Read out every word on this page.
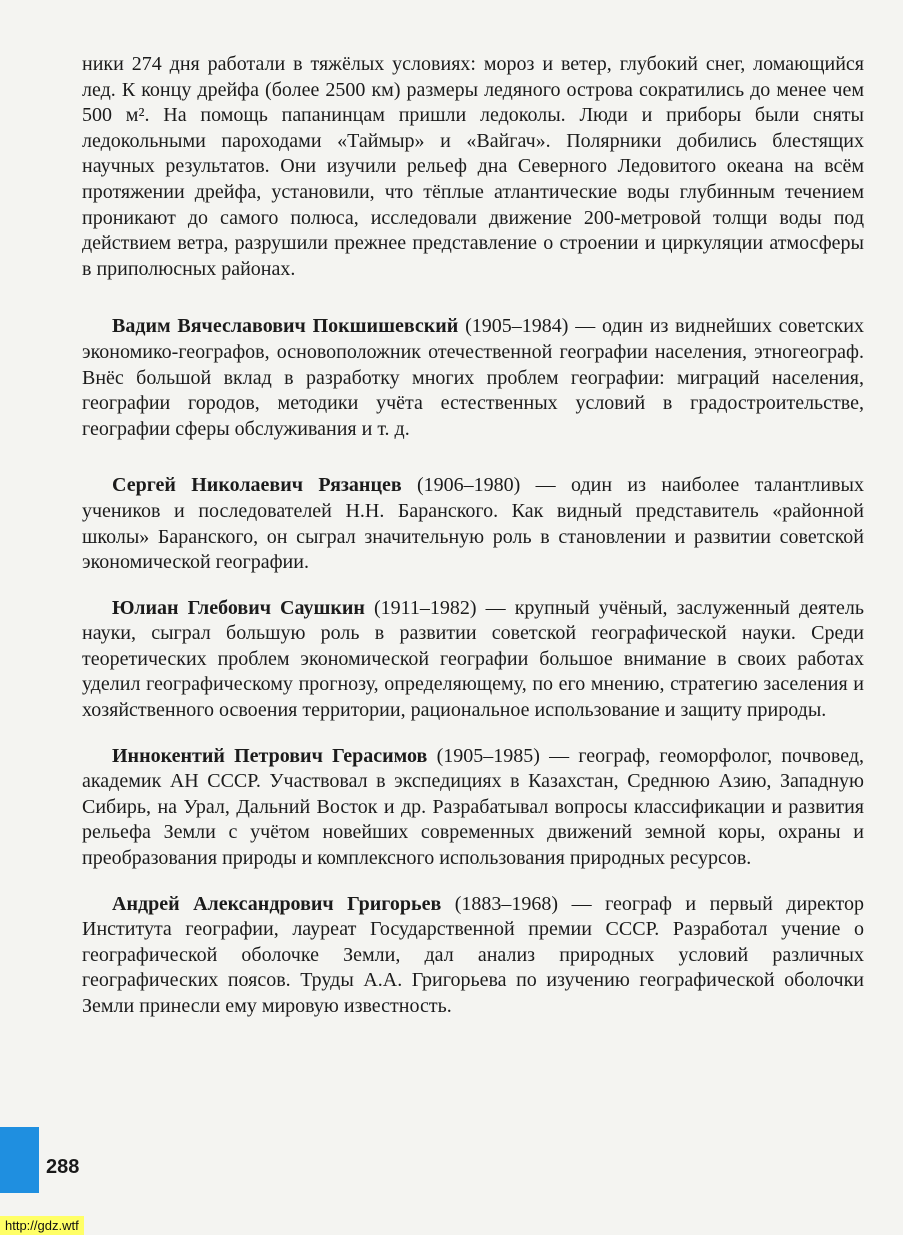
ники 274 дня работали в тяжёлых условиях: мороз и ветер, глубокий снег, ломающийся лед. К концу дрейфа (более 2500 км) размеры ледяного острова сократились до менее чем 500 м². На помощь папанинцам пришли ледоколы. Люди и приборы были сняты ледокольными пароходами «Таймыр» и «Вайгач». Полярники добились блестящих научных результатов. Они изучили рельеф дна Северного Ледовитого океана на всём протяжении дрейфа, установили, что тёплые атлантические воды глубинным течением проникают до самого полюса, исследовали движение 200-метровой толщи воды под действием ветра, разрушили прежнее представление о строении и циркуляции атмосферы в приполюсных районах.

Вадим Вячеславович Покшишевский (1905–1984) — один из виднейших советских экономико-географов, основоположник отечественной географии населения, этногеограф. Внёс большой вклад в разработку многих проблем географии: миграций населения, географии городов, методики учёта естественных условий в градостроительстве, географии сферы обслуживания и т. д.

Сергей Николаевич Рязанцев (1906–1980) — один из наиболее талантливых учеников и последователей Н.Н. Баранского. Как видный представитель «районной школы» Баранского, он сыграл значительную роль в становлении и развитии советской экономической географии.

Юлиан Глебович Саушкин (1911–1982) — крупный учёный, заслуженный деятель науки, сыграл большую роль в развитии советской географической науки. Среди теоретических проблем экономической географии большое внимание в своих работах уделил географическому прогнозу, определяющему, по его мнению, стратегию заселения и хозяйственного освоения территории, рациональное использование и защиту природы.

Иннокентий Петрович Герасимов (1905–1985) — географ, геоморфолог, почвовед, академик АН СССР. Участвовал в экспедициях в Казахстан, Среднюю Азию, Западную Сибирь, на Урал, Дальний Восток и др. Разрабатывал вопросы классификации и развития рельефа Земли с учётом новейших современных движений земной коры, охраны и преобразования природы и комплексного использования природных ресурсов.

Андрей Александрович Григорьев (1883–1968) — географ и первый директор Института географии, лауреат Государственной премии СССР. Разработал учение о географической оболочке Земли, дал анализ природных условий различных географических поясов. Труды А.А. Григорьева по изучению географической оболочки Земли принесли ему мировую известность.

288
http://gdz.wtf
